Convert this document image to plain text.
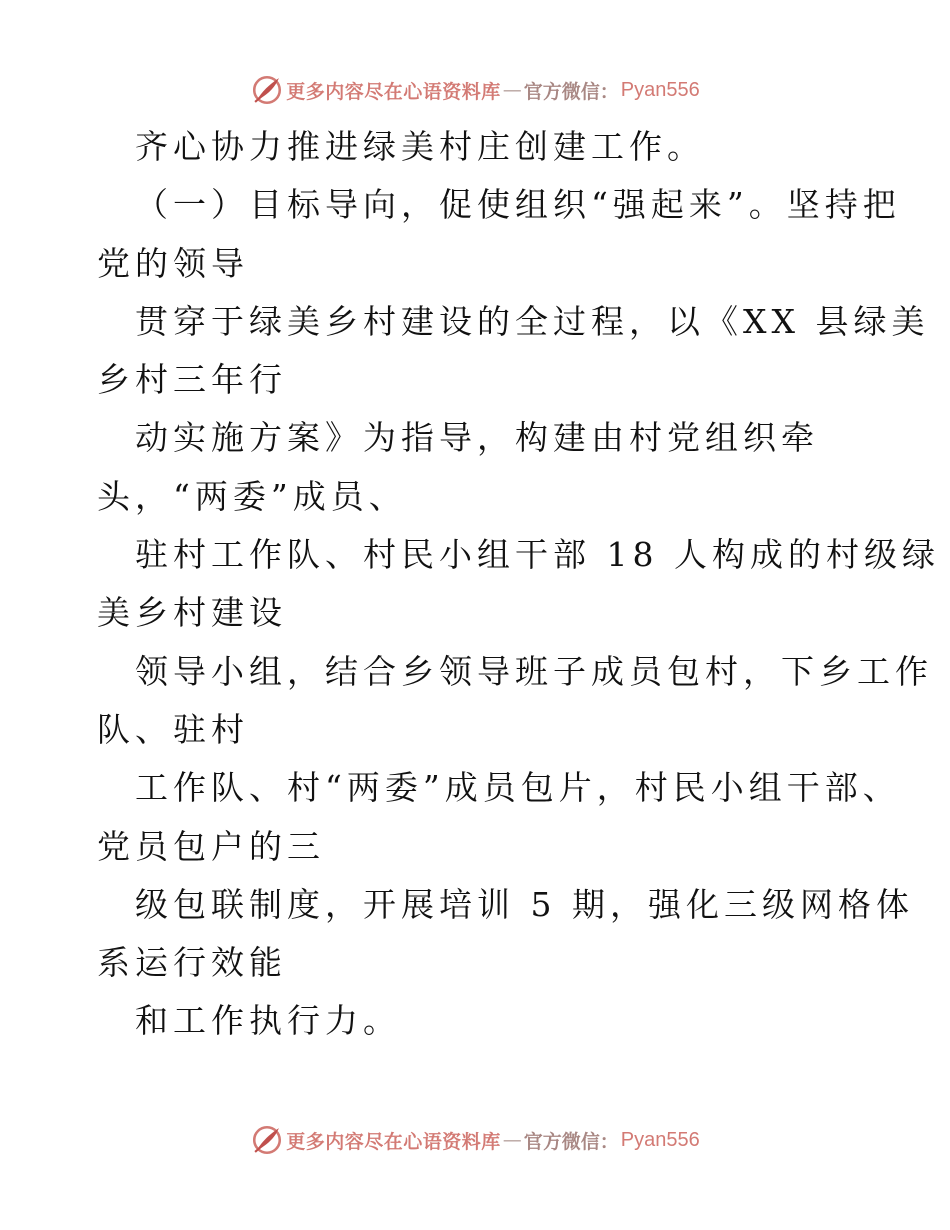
更多内容尽在心语资料库 — 官方微信： Pyan556
齐心协力推进绿美村庄创建工作。
（一）目标导向，促使组织“强起来”。坚持把
党的领导
贯穿于绿美乡村建设的全过程，以《XX 县绿美
乡村三年行
动实施方案》为指导，构建由村党组织牵
头，“两委”成员、
驻村工作队、村民小组干部 18 人构成的村级绿
美乡村建设
领导小组，结合乡领导班子成员包村，下乡工作
队、驻村
工作队、村“两委”成员包片，村民小组干部、
党员包户的三
级包联制度，开展培训 5 期，强化三级网格体
系运行效能
和工作执行力。
更多内容尽在心语资料库 — 官方微信： Pyan556
